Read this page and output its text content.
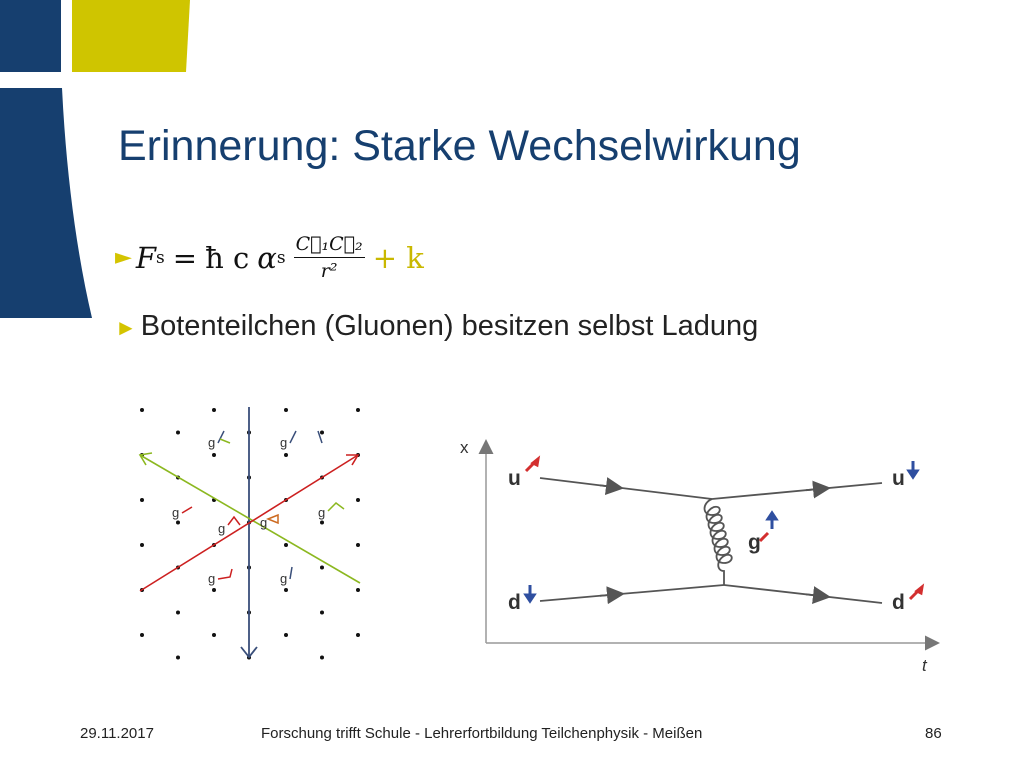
Erinnerung: Starke Wechselwirkung
► F s = ħ c α s $\frac{\text{C⃗₁C⃗₂}}{\text{r²}} + k$
► Botenteilchen (Gluonen) besitzen selbst Ladung
g	g
g	g
g	g
g	g
x
t
u	u
d	d
g
29.11.2017	Forschung trifft Schule - Lehrerfortbildung Teilchenphysik - Meißen	86
